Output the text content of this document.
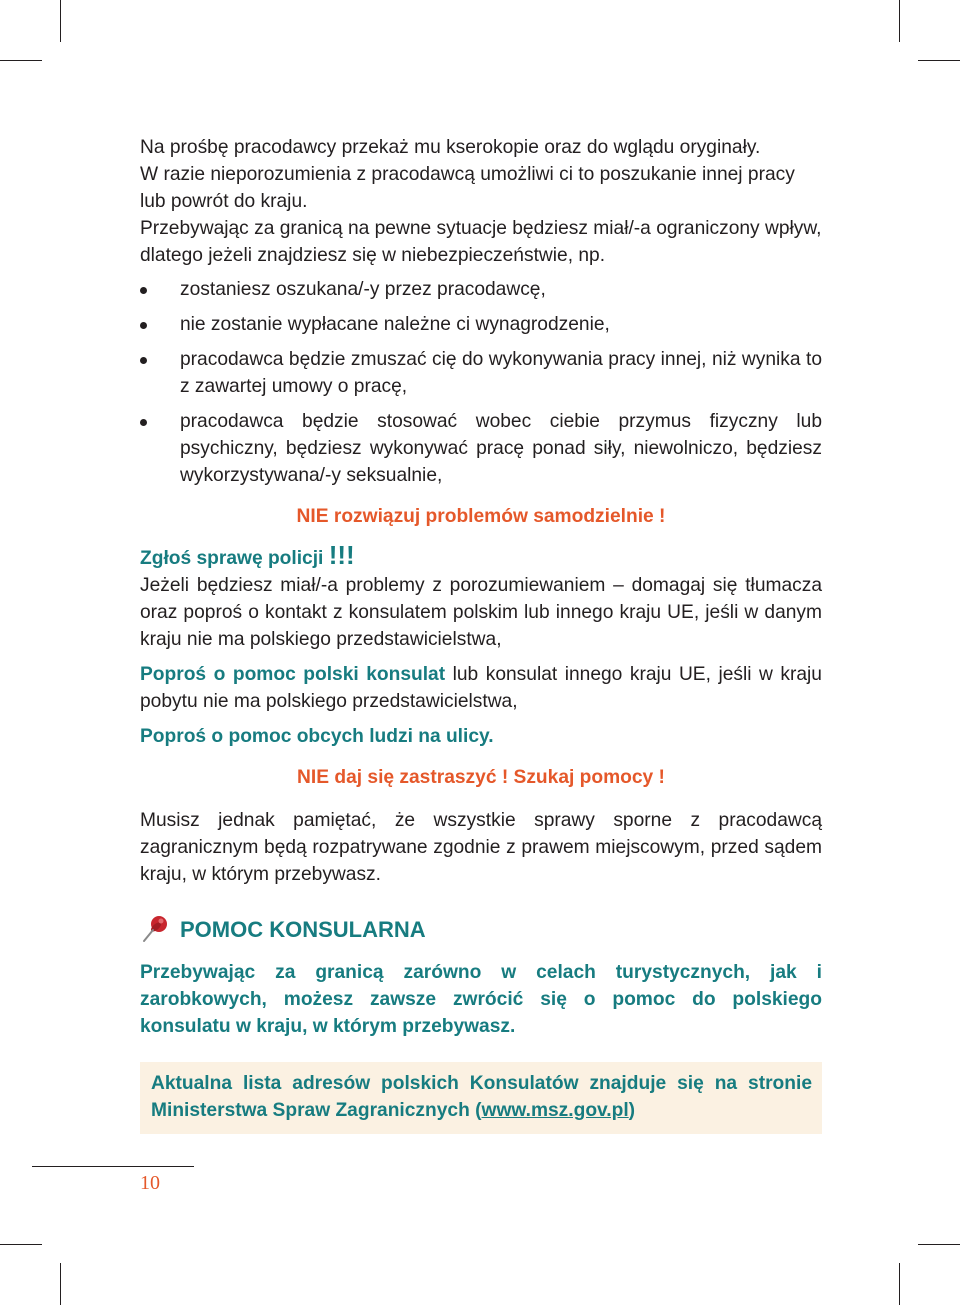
Na prośbę pracodawcy przekaż mu kserokopie oraz do wglądu oryginały.

W razie nieporozumienia z pracodawcą umożliwi ci to poszukanie innej pracy lub powrót do kraju.

Przebywając za granicą na pewne sytuacje będziesz miał/-a ograniczony wpływ, dlatego jeżeli znajdziesz się w niebezpieczeństwie, np.

zostaniesz oszukana/-y przez pracodawcę,
nie zostanie wypłacane należne ci wynagrodzenie,
pracodawca będzie zmuszać cię do wykonywania pracy innej, niż wynika to z zawartej umowy o pracę,
pracodawca będzie stosować wobec ciebie przymus fizyczny lub psychiczny, będziesz wykonywać pracę ponad siły, niewolniczo, będziesz wykorzystywana/-y seksualnie,

NIE rozwiązuj problemów samodzielnie !

Zgłoś sprawę policji !!!

Jeżeli będziesz miał/-a problemy z porozumiewaniem – domagaj się tłumacza oraz poproś o kontakt z konsulatem polskim lub innego kraju UE, jeśli w danym kraju nie ma polskiego przedstawicielstwa,

Poproś o pomoc polski konsulat lub konsulat innego kraju UE, jeśli w kraju pobytu nie ma polskiego przedstawicielstwa,

Poproś o pomoc obcych ludzi na ulicy.

NIE daj się zastraszyć ! Szukaj pomocy !

Musisz jednak pamiętać, że wszystkie sprawy sporne z pracodawcą zagranicznym będą rozpatrywane zgodnie z prawem miejscowym, przed sądem kraju, w którym przebywasz.

POMOC KONSULARNA

Przebywając za granicą zarówno w celach turystycznych, jak i zarobkowych, możesz zawsze zwrócić się o pomoc do polskiego konsulatu w kraju, w którym przebywasz.

Aktualna lista adresów polskich Konsulatów znajduje się na stronie Ministerstwa Spraw Zagranicznych (www.msz.gov.pl)
10
